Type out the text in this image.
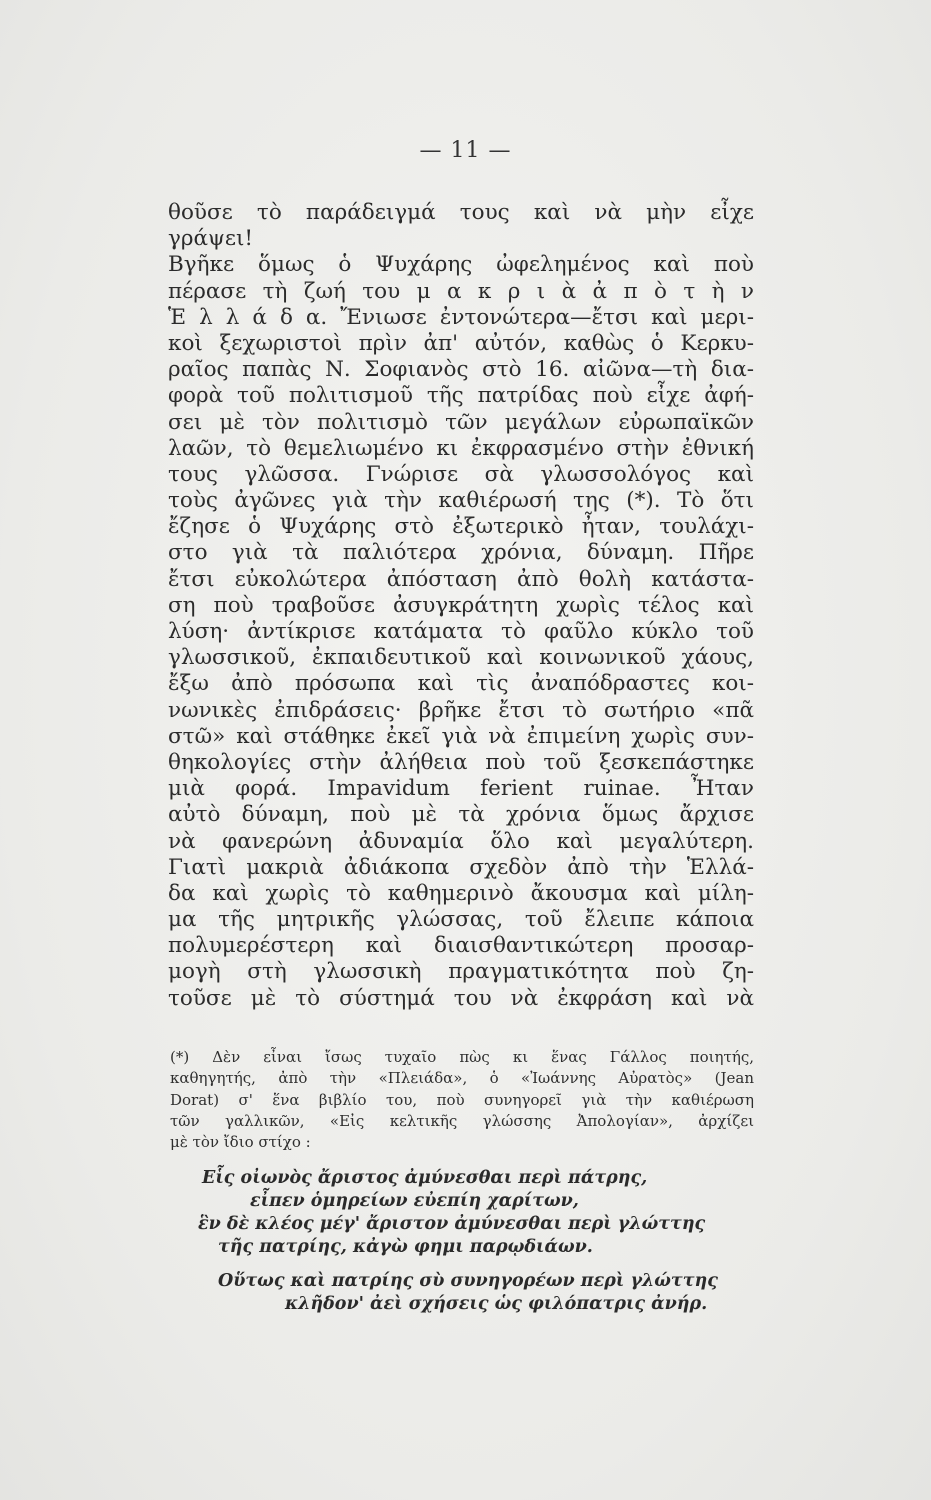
— 11 —
θοῦσε τὸ παράδειγμά τους καὶ νὰ μὴν εἶχε
γράψει!
Βγῆκε ὅμως ὁ Ψυχάρης ὠφελημένος καὶ ποὺ
πέρασε τὴ ζωή του μ α κ ρ ι ὰ ἀ π ὸ τ ὴ ν
Ἑ λ λ ά δ α. Ἔνιωσε ἐντονώτερα—ἔτσι καὶ μερι-
κοὶ ξεχωριστοὶ πρὶν ἀπ' αὐτόν, καθὼς ὁ Κερκυ-
ραῖος παπὰς Ν. Σοφιανὸς στὸ 16. αἰῶνα—τὴ δια-
φορὰ τοῦ πολιτισμοῦ τῆς πατρίδας ποὺ εἶχε ἀφή-
σει μὲ τὸν πολιτισμὸ τῶν μεγάλων εὐρωπαϊκῶν
λαῶν, τὸ θεμελιωμένο κι ἐκφρασμένο στὴν ἐθνική
τους γλῶσσα. Γνώρισε σὰ γλωσσολόγος καὶ
τοὺς ἀγῶνες γιὰ τὴν καθιέρωσή της (*). Τὸ ὅτι
ἔζησε ὁ Ψυχάρης στὸ ἐξωτερικὸ ἦταν, τουλάχι-
στο γιὰ τὰ παλιότερα χρόνια, δύναμη. Πῆρε
ἔτσι εὐκολώτερα ἀπόσταση ἀπὸ θολὴ κατάστα-
ση ποὺ τραβοῦσε ἀσυγκράτητη χωρὶς τέλος καὶ
λύση· ἀντίκρισε κατάματα τὸ φαῦλο κύκλο τοῦ
γλωσσικοῦ, ἐκπαιδευτικοῦ καὶ κοινωνικοῦ χάους,
ἔξω ἀπὸ πρόσωπα καὶ τὶς ἀναπόδραστες κοι-
νωνικὲς ἐπιδράσεις· βρῆκε ἔτσι τὸ σωτήριο «πᾶ
στῶ» καὶ στάθηκε ἐκεῖ γιὰ νὰ ἐπιμείνη χωρὶς συν-
θηκολογίες στὴν ἀλήθεια ποὺ τοῦ ξεσκεπάστηκε
μιὰ φορά. Impavidum ferient ruinae. Ἦταν
αὐτὸ δύναμη, ποὺ μὲ τὰ χρόνια ὅμως ἄρχισε
νὰ φανερώνη ἀδυναμία ὅλο καὶ μεγαλύτερη.
Γιατὶ μακριὰ ἀδιάκοπα σχεδὸν ἀπὸ τὴν Ἑλλά-
δα καὶ χωρὶς τὸ καθημερινὸ ἄκουσμα καὶ μίλη-
μα τῆς μητρικῆς γλώσσας, τοῦ ἔλειπε κάποια
πολυμερέστερη καὶ διαισθαντικώτερη προσαρ-
μογὴ στὴ γλωσσικὴ πραγματικότητα ποὺ ζη-
τοῦσε μὲ τὸ σύστημά του νὰ ἐκφράση καὶ νὰ
(*) Δὲν εἶναι ἴσως τυχαῖο πὼς κι ἕνας Γάλλος ποιητής,
καθηγητής, ἀπὸ τὴν «Πλειάδα», ὁ «Ἰωάννης Αὐρατὸς» (Jean
Dorat) σ' ἕνα βιβλίο του, ποὺ συνηγορεῖ γιὰ τὴν καθιέρωση
τῶν γαλλικῶν, «Εἰς κελτικῆς γλώσσης Ἀπολογίαν», ἀρχίζει
μὲ τὸν ἴδιο στίχο :
Εἷς οἰωνὸς ἄριστος ἀμύνεσθαι περὶ πάτρης,
εἶπεν ὁμηρείων εὐεπίη χαρίτων,
ἓν δὲ κλέος μέγ' ἄριστον ἀμύνεσθαι περὶ γλώττης
τῆς πατρίης, κἀγὼ φημι παρῳδιάων.
Οὕτως καὶ πατρίης σὺ συνηγορέων περὶ γλώττης
κλῆδον' ἀεὶ σχήσεις ὡς φιλόπατρις ἀνήρ.
